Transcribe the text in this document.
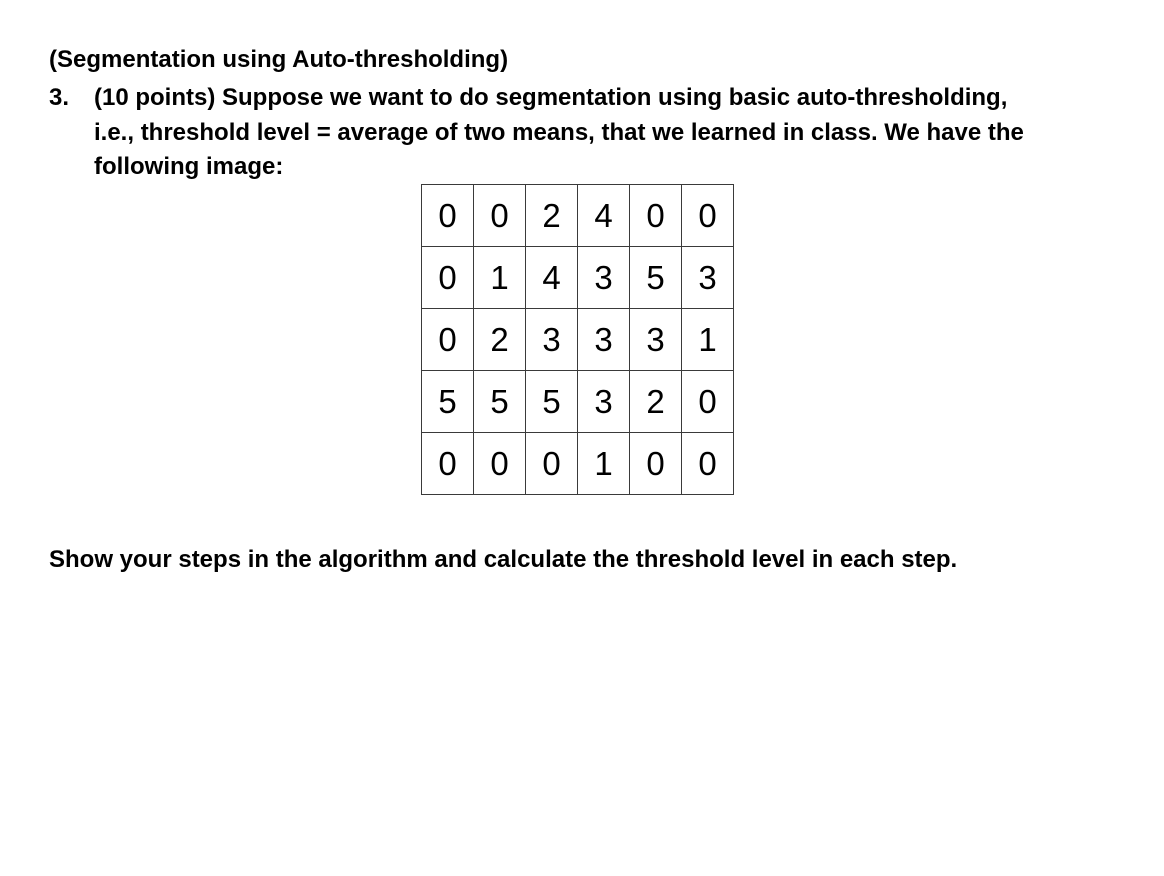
(Segmentation using Auto-thresholding)
3. (10 points) Suppose we want to do segmentation using basic auto-thresholding,
i.e., threshold level = average of two means, that we learned in class. We have the
following image:
0	0	2	4	0	0
0	1	4	3	5	3
0	2	3	3	3	1
5	5	5	3	2	0
0	0	0	1	0	0
Show your steps in the algorithm and calculate the threshold level in each step.
